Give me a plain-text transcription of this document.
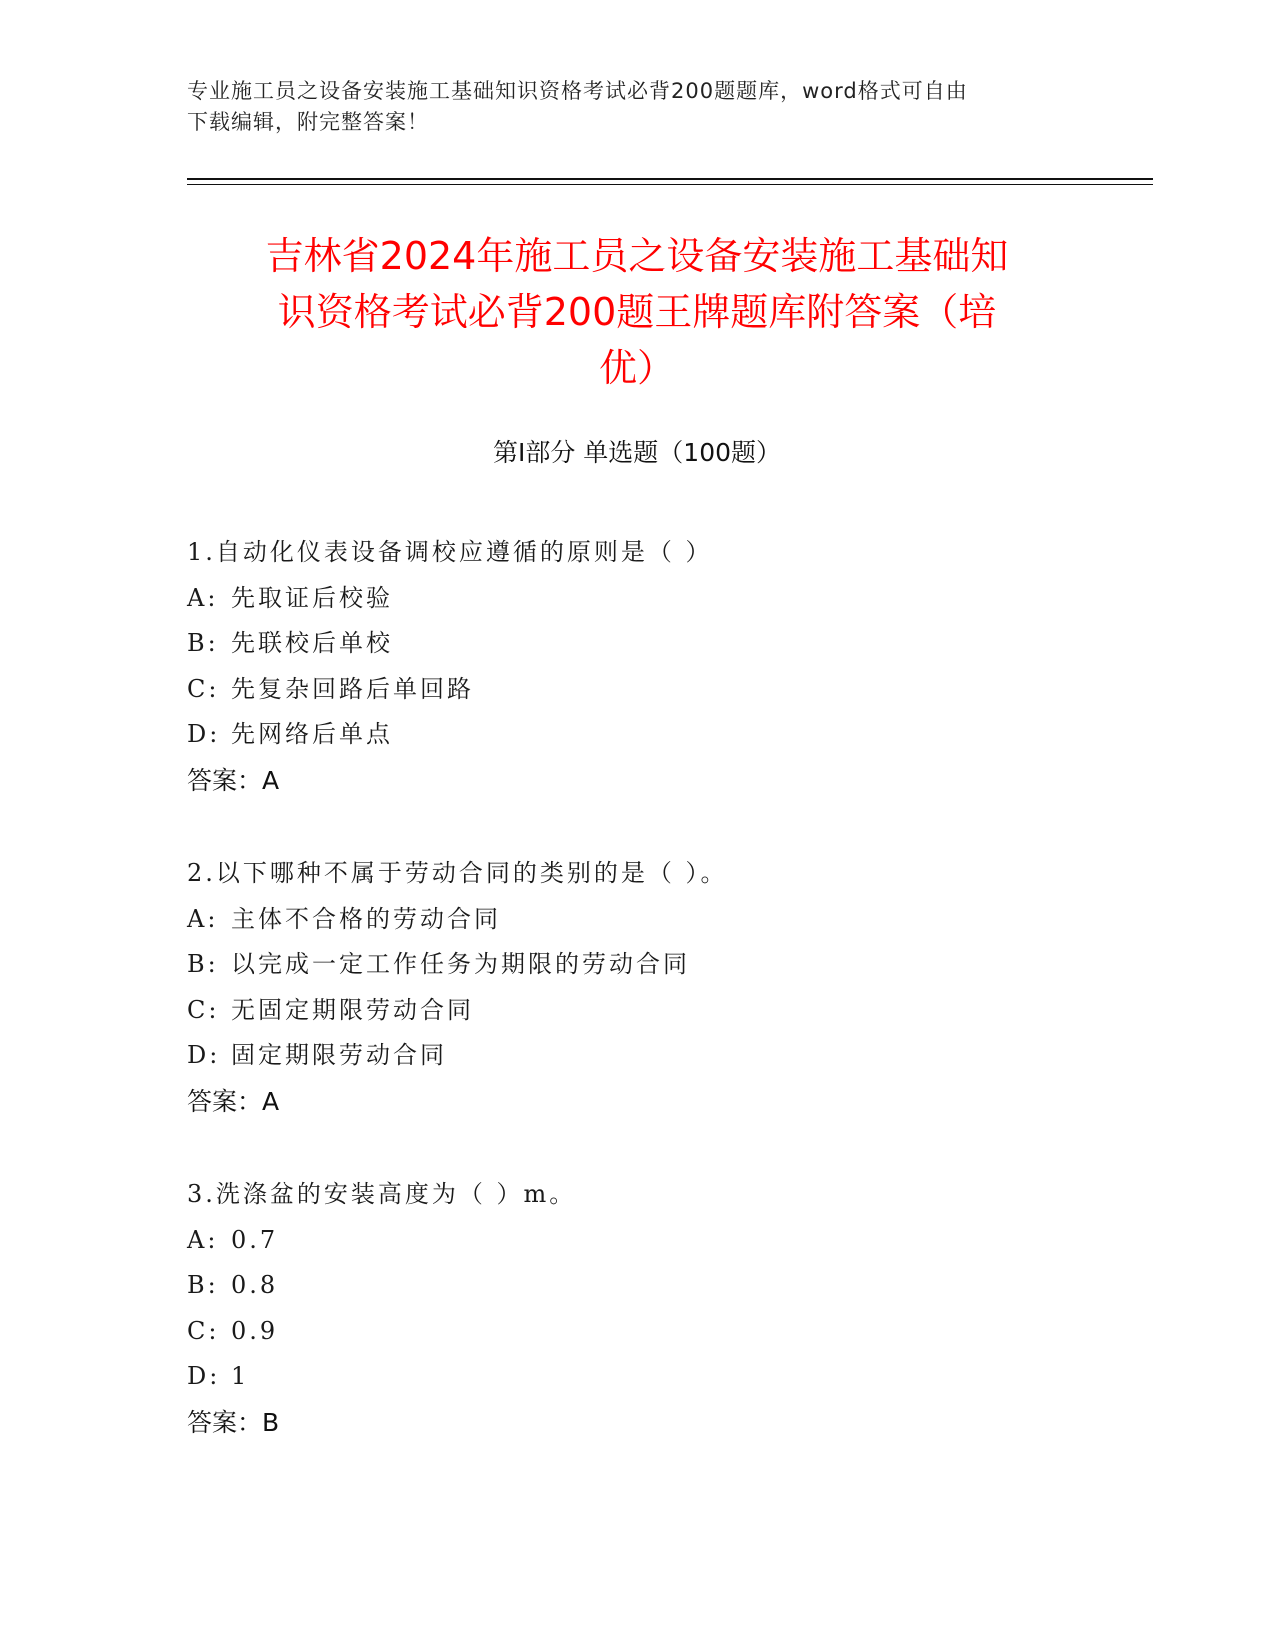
专业施工员之设备安装施工基础知识资格考试必背200题题库，word格式可自由
下载编辑，附完整答案！
吉林省2024年施工员之设备安装施工基础知
识资格考试必背200题王牌题库附答案（培
优）
第Ⅰ部分 单选题（100题）
1.自动化仪表设备调校应遵循的原则是（ ）
A: 先取证后校验
B: 先联校后单校
C: 先复杂回路后单回路
D: 先网络后单点
答案：A
2.以下哪种不属于劳动合同的类别的是（ ）。
A: 主体不合格的劳动合同
B: 以完成一定工作任务为期限的劳动合同
C: 无固定期限劳动合同
D: 固定期限劳动合同
答案：A
3.洗涤盆的安装高度为（ ）m。
A: 0.7
B: 0.8
C: 0.9
D: 1
答案：B
